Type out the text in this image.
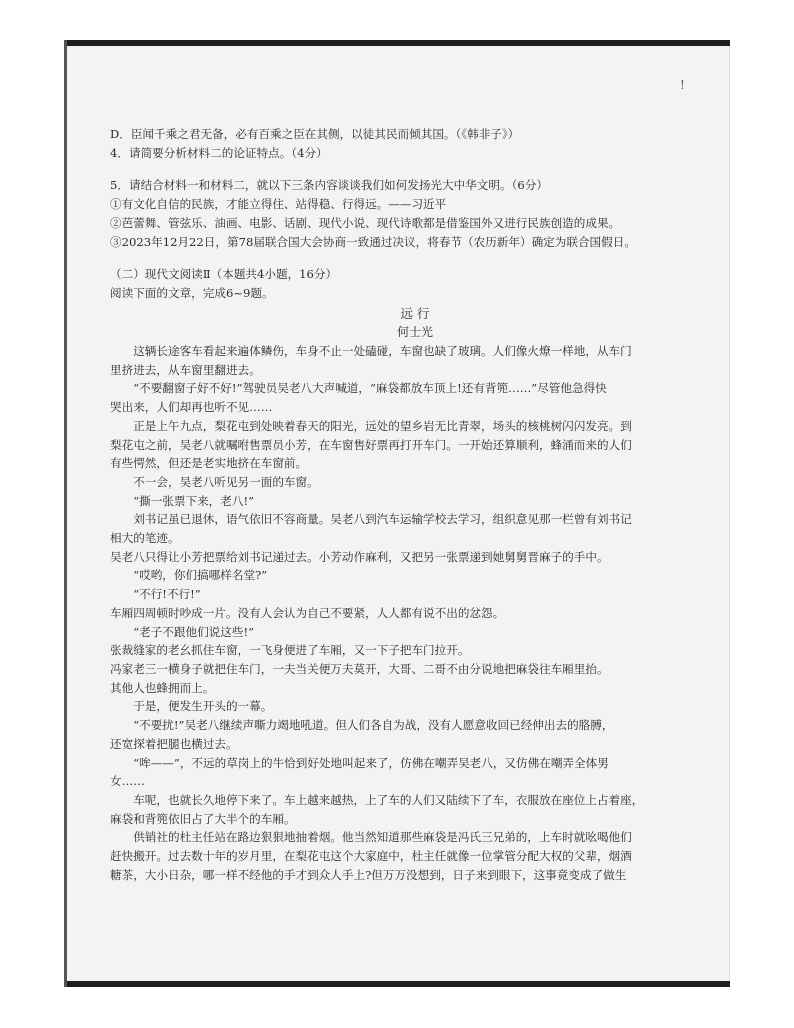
!
D．臣闻千乘之君无备，必有百乘之臣在其侧，以徒其民而倾其国。（《韩非子》）
4．请简要分析材料二的论证特点。（4分）
5．请结合材料一和材料二，就以下三条内容谈谈我们如何发扬光大中华文明。（6分）
①有文化自信的民族，才能立得住、站得稳、行得远。——习近平
②芭蕾舞、管弦乐、油画、电影、话剧、现代小说、现代诗歌都是借鉴国外又进行民族创造的成果。
③2023年12月22日，第78届联合国大会协商一致通过决议，将春节（农历新年）确定为联合国假日。
（二）现代文阅读Ⅱ（本题共4小题，16分）
阅读下面的文章，完成6~9题。
远 行
何士光
这辆长途客车看起来遍体鳞伤，车身不止一处磕碰，车窗也缺了玻璃。人们像火燎一样地，从车门
里挤进去，从车窗里翻进去。
“不要翻窗子好不好!”驾驶员吴老八大声喊道，“麻袋都放车顶上!还有背篼……”尽管他急得快
哭出来，人们却再也听不见……
正是上午九点，梨花屯到处映着春天的阳光，远处的望乡岩无比青翠，场头的核桃树闪闪发亮。到
梨花屯之前，吴老八就嘱咐售票员小芳，在车窗售好票再打开车门。一开始还算顺利，蜂涌而来的人们
有些愕然，但还是老实地挤在车窗前。
不一会，吴老八听见另一面的车窗。
“撕一张票下来，老八!”
刘书记虽已退休，语气依旧不容商量。吴老八到汽车运输学校去学习，组织意见那一栏曾有刘书记
相大的笔迹。
吴老八只得让小芳把票给刘书记递过去。小芳动作麻利，又把另一张票递到她舅舅晋麻子的手中。
“哎哟，你们搞哪样名堂?”
“不行!不行!”
车厢四周顿时吵成一片。没有人会认为自己不要紧，人人都有说不出的忿怨。
“老子不跟他们说这些!”
张裁缝家的老幺抓住车窗，一飞身便进了车厢，又一下子把车门拉开。
冯家老三一横身子就把住车门，一夫当关便万夫莫开，大哥、二哥不由分说地把麻袋往车厢里抬。
其他人也蜂拥而上。
于是，便发生开头的一幕。
“不要扰!”吴老八继续声嘶力竭地吼道。但人们各自为战，没有人愿意收回已经伸出去的胳膊，
还宽探着把腿也横过去。
“哞——”，不远的草岗上的牛恰到好处地叫起来了，仿佛在嘲弄吴老八，又仿佛在嘲弄全体男
女……
车呢，也就长久地停下来了。车上越来越热，上了车的人们又陆续下了车，衣服放在座位上占着座，
麻袋和背篼依旧占了大半个的车厢。
供销社的杜主任站在路边狠狠地抽着烟。他当然知道那些麻袋是冯氏三兄弟的，上车时就吆喝他们
赶快搬开。过去数十年的岁月里，在梨花屯这个大家庭中，杜主任就像一位掌管分配大权的父辈，烟酒
糖茶，大小日杂，哪一样不经他的手才到众人手上?但万万没想到，日子来到眼下，这事竟变成了做生
